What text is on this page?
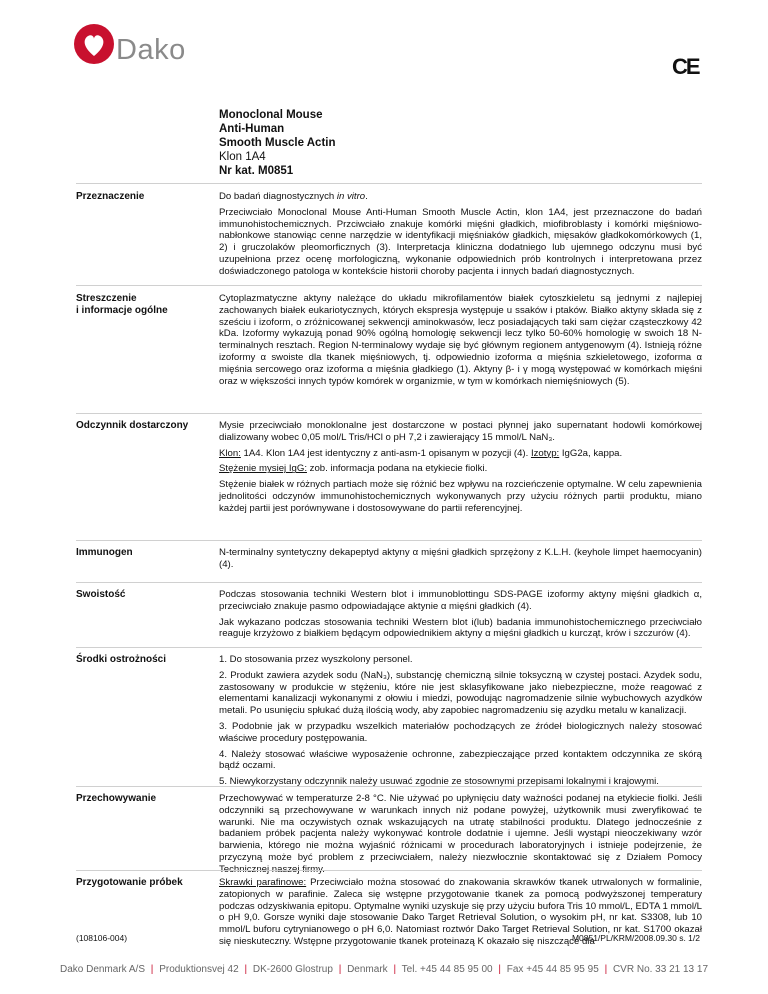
Dako
CE
Monoclonal Mouse
Anti-Human
Smooth Muscle Actin
Klon 1A4
Nr kat. M0851
Przeznaczenie	Do badań diagnostycznych in vitro.

Przeciwciało Monoclonal Mouse Anti-Human Smooth Muscle Actin, klon 1A4, jest przeznaczone do badań immunohistochemicznych. Przciwciało znakuje komórki mięśni gładkich, miofibroblasty i komórki mięśniowo-nabłonkowe stanowiąc cenne narzędzie w identyfikacji mięśniaków gładkich, mięsaków gładkokomórkowych (1, 2) i gruczolaków pleomorficznych (3). Interpretacja kliniczna dodatniego lub ujemnego odczynu musi być uzupełniona przez ocenę morfologiczną, wykonanie odpowiednich prób kontrolnych i interpretowana przez doświadczonego patologa w kontekście historii choroby pacjenta i innych badań diagnostycznych.

Streszczenie
i informacje ogólne

Cytoplazmatyczne aktyny należące do układu mikrofilamentów białek cytoszkieletu są jednymi z najlepiej zachowanych białek eukariotycznych, których ekspresja występuje u ssaków i ptaków. Białko aktyny składa się z sześciu i izoform, o zróżnicowanej sekwencji aminokwasów, lecz posiadających taki sam ciężar cząsteczkowy 42 kDa. Izoformy wykazują ponad 90% ogólną homologię sekwencji lecz tylko 50-60% homologię w swoich 18 N-terminalnych resztach. Region N-terminalowy wydaje się być głównym regionem antygenowym (4). Istnieją różne izoformy α swoiste dla tkanek mięśniowych, tj. odpowiednio izoforma α mięśnia szkieletowego, izoforma α mięśnia sercowego oraz izoforma α mięśnia gładkiego (1). Aktyny β- i γ mogą występować w komórkach mięśni oraz w większości innych typów komórek w organizmie, w tym w komórkach niemięśniowych (5).

Odczynnik dostarczony	Mysie przeciwciało monoklonalne jest dostarczone w postaci płynnej jako supernatant hodowli komórkowej dializowany wobec 0,05 mol/L Tris/HCl o pH 7,2 i zawierający 15 mmol/L NaN₃.

Klon: 1A4. Klon 1A4 jest identyczny z anti-asm-1 opisanym w pozycji (4). Izotyp: IgG2a, kappa.

Stężenie mysiej IgG: zob. informacja podana na etykiecie fiolki.

Stężenie białek w różnych partiach może się różnić bez wpływu na rozcieńczenie optymalne. W celu zapewnienia jednolitości odczynów immunohistochemicznych wykonywanych przy użyciu różnych partii produktu, miano każdej partii jest porównywane i dostosowywane do partii referencyjnej.

Immunogen	N-terminalny syntetyczny dekapeptyd aktyny α mięśni gładkich sprzężony z K.L.H. (keyhole limpet haemocyanin) (4).

Swoistość	Podczas stosowania techniki Western blot i immunoblottingu SDS-PAGE izoformy aktyny mięśni gładkich α, przeciwciało znakuje pasmo odpowiadające aktynie α mięśni gładkich (4).

Jak wykazano podczas stosowania techniki Western blot i(lub) badania immunohistochemicznego przeciwciało reaguje krzyżowo z białkiem będącym odpowiednikiem aktyny α mięśni gładkich u kurcząt, krów i szczurów (4).

Środki ostrożności	1. Do stosowania przez wyszkolony personel.

2. Produkt zawiera azydek sodu (NaN₃), substancję chemiczną silnie toksyczną w czystej postaci. Azydek sodu, zastosowany w produkcie w stężeniu, które nie jest sklasyfikowane jako niebezpieczne, może reagować z elementami kanalizacji wykonanymi z ołowiu i miedzi, powodując nagromadzenie silnie wybuchowych azydków metali. Po usunięciu spłukać dużą ilością wody, aby zapobiec nagromadzeniu się azydku metalu w kanalizacji.

3. Podobnie jak w przypadku wszelkich materiałów pochodzących ze źródeł biologicznych należy stosować właściwe procedury postępowania.

4. Należy stosować właściwe wyposażenie ochronne, zabezpieczające przed kontaktem odczynnika ze skórą bądź oczami.

5. Niewykorzystany odczynnik należy usuwać zgodnie ze stosownymi przepisami lokalnymi i krajowymi.

Przechowywanie	Przechowywać w temperaturze 2-8 °C. Nie używać po upłynięciu daty ważności podanej na etykiecie fiolki. Jeśli odczynniki są przechowywane w warunkach innych niż podane powyżej, użytkownik musi zweryfikować te warunki. Nie ma oczywistych oznak wskazujących na utratę stabilności produktu. Dlatego jednocześnie z badaniem próbek pacjenta należy wykonywać kontrole dodatnie i ujemne. Jeśli wystąpi nieoczekiwany wzór barwienia, którego nie można wyjaśnić różnicami w procedurach laboratoryjnych i istnieje podejrzenie, że przyczyną może być problem z przeciwciałem, należy niezwłocznie skontaktować się z Działem Pomocy Technicznej naszej firmy.

Przygotowanie próbek	Skrawki parafinowe: Przeciwciało można stosować do znakowania skrawków tkanek utrwalonych w formalinie, zatopionych w parafinie. Zaleca się wstępne przygotowanie tkanek za pomocą podwyższonej temperatury podczas odzyskiwania epitopu. Optymalne wyniki uzyskuje się przy użyciu bufora Tris 10 mmol/L, EDTA 1 mmol/L o pH 9,0. Gorsze wyniki daje stosowanie Dako Target Retrieval Solution, o wysokim pH, nr kat. S3308, lub 10 mmol/L buforu cytrynianowego o pH 6,0. Natomiast roztwór Dako Target Retrieval Solution, nr kat. S1700 okazał się nieskuteczny. Wstępne przygotowanie tkanek proteinazą K okazało się niszczące dla

(108106-004)	M0851/PL/KRM/2008.09.30 s. 1/2
Dako Denmark A/S | Produktionsvej 42 | DK-2600 Glostrup | Denmark | Tel. +45 44 85 95 00 | Fax +45 44 85 95 95 | CVR No. 33 21 13 17
